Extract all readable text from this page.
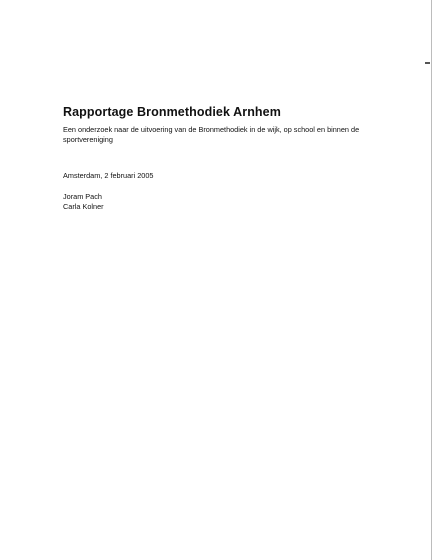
Rapportage Bronmethodiek Arnhem

Een onderzoek naar de uitvoering van de Bronmethodiek in de wijk, op school en binnen de sportvereniging

Amsterdam, 2 februari 2005

Joram Pach
Carla Kolner
